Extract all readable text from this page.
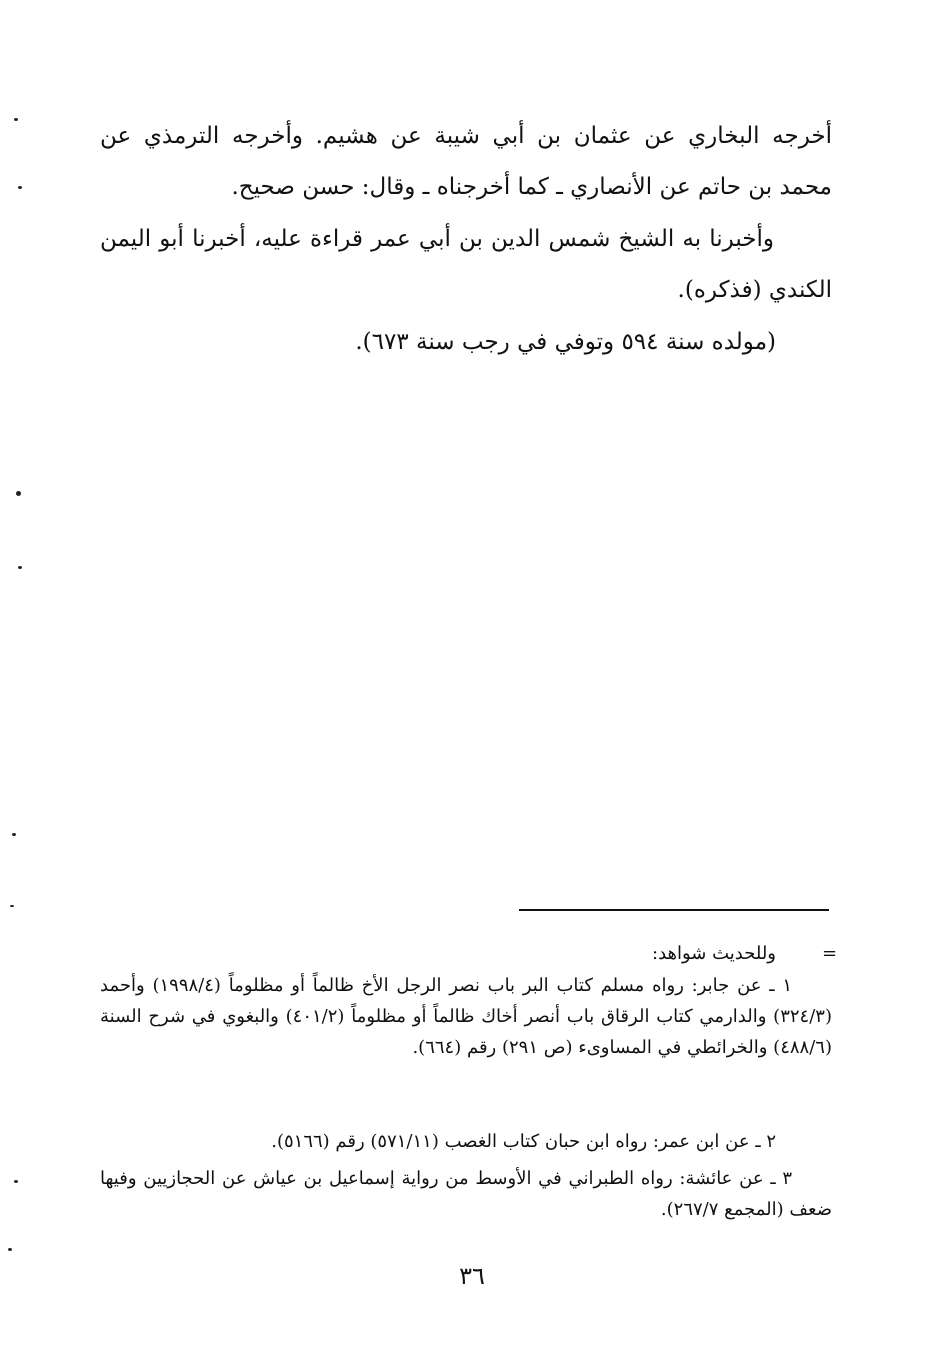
أخرجه البخاري عن عثمان بن أبي شيبة عن هشيم. وأخرجه الترمذي عن محمد بن حاتم عن الأنصاري ـ كما أخرجناه ـ وقال: حسن صحيح.

وأخبرنا به الشيخ شمس الدين بن أبي عمر قراءة عليه، أخبرنا أبو اليمن الكندي (فذكره).

(مولده سنة ٥٩٤ وتوفي في رجب سنة ٦٧٣).

=

وللحديث شواهد:

١ ـ عن جابر: رواه مسلم كتاب البر باب نصر الرجل الأخ ظالماً أو مظلوماً (١٩٩٨/٤) وأحمد (٣٢٤/٣) والدارمي كتاب الرقاق باب أنصر أخاك ظالماً أو مظلوماً (٤٠١/٢) والبغوي في شرح السنة (٤٨٨/٦) والخرائطي في المساوىء (ص ٢٩١) رقم (٦٦٤).

٢ ـ عن ابن عمر: رواه ابن حبان كتاب الغصب (٥٧١/١١) رقم (٥١٦٦).

٣ ـ عن عائشة: رواه الطبراني في الأوسط من رواية إسماعيل بن عياش عن الحجازيين وفيها ضعف (المجمع ٢٦٧/٧).

٣٦
